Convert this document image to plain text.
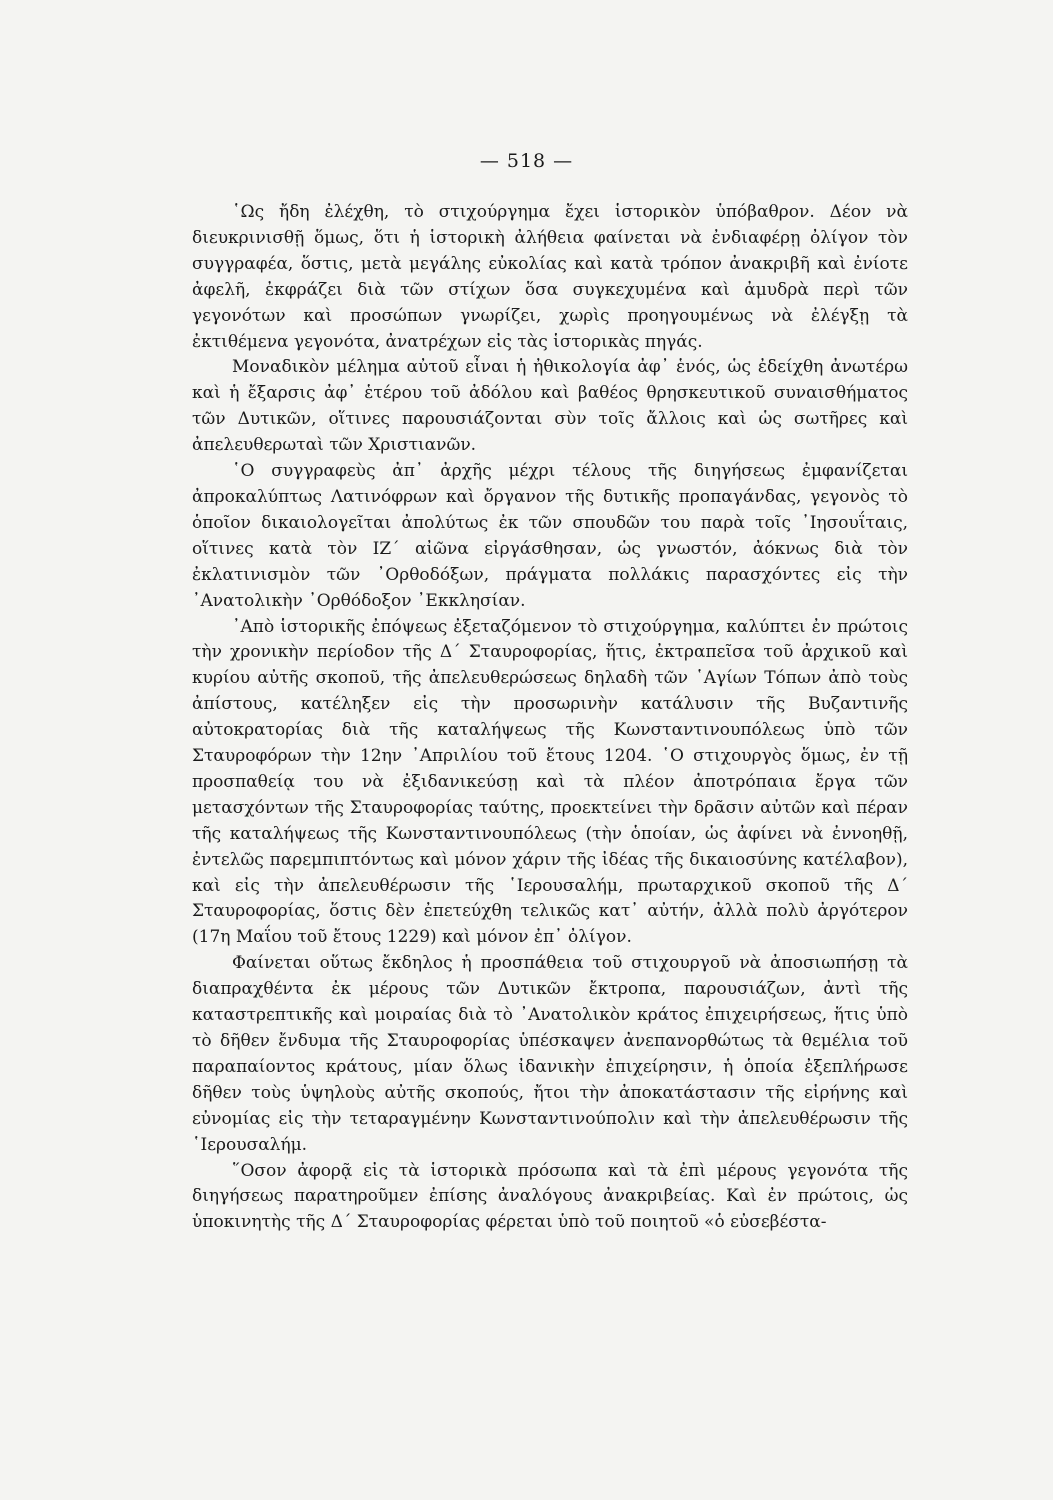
— 518 —

῾Ως ἤδη ἐλέχθη, τὸ στιχούργημα ἔχει ἱστορικὸν ὑπόβαθρον. Δέον νὰ διευκρινισθῇ ὅμως, ὅτι ἡ ἱστορικὴ ἀλήθεια φαίνεται νὰ ἐνδιαφέρῃ ὀλίγον τὸν συγγραφέα, ὅστις, μετὰ μεγάλης εὐκολίας καὶ κατὰ τρόπον ἀνακριβῆ καὶ ἐνίοτε ἀφελῆ, ἐκφράζει διὰ τῶν στίχων ὅσα συγκεχυμένα καὶ ἀμυδρὰ περὶ τῶν γεγονότων καὶ προσώπων γνωρίζει, χωρὶς προηγουμένως νὰ ἐλέγξῃ τὰ ἐκτιθέμενα γεγονότα, ἀνατρέχων εἰς τὰς ἱστορικὰς πηγάς.

Μοναδικὸν μέλημα αὐτοῦ εἶναι ἡ ἠθικολογία ἀφ᾽ ἑνός, ὡς ἐδείχθη ἀνωτέρω καὶ ἡ ἔξαρσις ἀφ᾽ ἑτέρου τοῦ ἀδόλου καὶ βαθέος θρησκευτικοῦ συναισθήματος τῶν Δυτικῶν, οἵτινες παρουσιάζονται σὺν τοῖς ἄλλοις καὶ ὡς σωτῆρες καὶ ἀπελευθερωταὶ τῶν Χριστιανῶν.

῾Ο συγγραφεὺς ἀπ᾽ ἀρχῆς μέχρι τέλους τῆς διηγήσεως ἐμφανίζεται ἀπροκαλύπτως Λατινόφρων καὶ ὄργανον τῆς δυτικῆς προπαγάνδας, γεγονὸς τὸ ὁποῖον δικαιολογεῖται ἀπολύτως ἐκ τῶν σπουδῶν του παρὰ τοῖς ᾿Ιησουΐταις, οἵτινες κατὰ τὸν ΙΖ΄ αἰῶνα εἰργάσθησαν, ὡς γνωστόν, ἀόκνως διὰ τὸν ἐκλατινισμὸν τῶν ᾿Ορθοδόξων, πράγματα πολλάκις παρασχόντες εἰς τὴν ᾿Ανατολικὴν ᾿Ορθόδοξον ᾿Εκκλησίαν.

᾿Απὸ ἱστορικῆς ἐπόψεως ἐξεταζόμενον τὸ στιχούργημα, καλύπτει ἐν πρώτοις τὴν χρονικὴν περίοδον τῆς Δ΄ Σταυροφορίας, ἥτις, ἐκτραπεῖσα τοῦ ἀρχικοῦ καὶ κυρίου αὐτῆς σκοποῦ, τῆς ἀπελευθερώσεως δηλαδὴ τῶν ῾Αγίων Τόπων ἀπὸ τοὺς ἀπίστους, κατέληξεν εἰς τὴν προσωρινὴν κατάλυσιν τῆς Βυζαντινῆς αὐτοκρατορίας διὰ τῆς καταλήψεως τῆς Κωνσταντινουπόλεως ὑπὸ τῶν Σταυροφόρων τὴν 12ην ᾿Απριλίου τοῦ ἔτους 1204. ῾Ο στιχουργὸς ὅμως, ἐν τῇ προσπαθείᾳ του νὰ ἐξιδανικεύσῃ καὶ τὰ πλέον ἀποτρόπαια ἔργα τῶν μετασχόντων τῆς Σταυροφορίας ταύτης, προεκτείνει τὴν δρᾶσιν αὐτῶν καὶ πέραν τῆς καταλήψεως τῆς Κωνσταντινουπόλεως (τὴν ὁποίαν, ὡς ἀφίνει νὰ ἐννοηθῇ, ἐντελῶς παρεμπιπτόντως καὶ μόνον χάριν τῆς ἰδέας τῆς δικαιοσύνης κατέλαβον), καὶ εἰς τὴν ἀπελευθέρωσιν τῆς ῾Ιερουσαλήμ, πρωταρχικοῦ σκοποῦ τῆς Δ΄ Σταυροφορίας, ὅστις δὲν ἐπετεύχθη τελικῶς κατ᾽ αὐτήν, ἀλλὰ πολὺ ἀργότερον (17η Μαΐου τοῦ ἔτους 1229) καὶ μόνον ἐπ᾽ ὀλίγον.

Φαίνεται οὕτως ἔκδηλος ἡ προσπάθεια τοῦ στιχουργοῦ νὰ ἀποσιωπήσῃ τὰ διαπραχθέντα ἐκ μέρους τῶν Δυτικῶν ἔκτροπα, παρουσιάζων, ἀντὶ τῆς καταστρεπτικῆς καὶ μοιραίας διὰ τὸ ᾿Ανατολικὸν κράτος ἐπιχειρήσεως, ἥτις ὑπὸ τὸ δῆθεν ἔνδυμα τῆς Σταυροφορίας ὑπέσκαψεν ἀνεπανορθώτως τὰ θεμέλια τοῦ παραπαίοντος κράτους, μίαν ὅλως ἰδανικὴν ἐπιχείρησιν, ἡ ὁποία ἐξεπλήρωσε δῆθεν τοὺς ὑψηλοὺς αὐτῆς σκοπούς, ἤτοι τὴν ἀποκατάστασιν τῆς εἰρήνης καὶ εὐνομίας εἰς τὴν τεταραγμένην Κωνσταντινούπολιν καὶ τὴν ἀπελευθέρωσιν τῆς ῾Ιερουσαλήμ.

῞Οσον ἀφορᾷ εἰς τὰ ἱστορικὰ πρόσωπα καὶ τὰ ἐπὶ μέρους γεγονότα τῆς διηγήσεως παρατηροῦμεν ἐπίσης ἀναλόγους ἀνακριβείας. Καὶ ἐν πρώτοις, ὡς ὑποκινητὴς τῆς Δ΄ Σταυροφορίας φέρεται ὑπὸ τοῦ ποιητοῦ «ὁ εὐσεβέστα-
